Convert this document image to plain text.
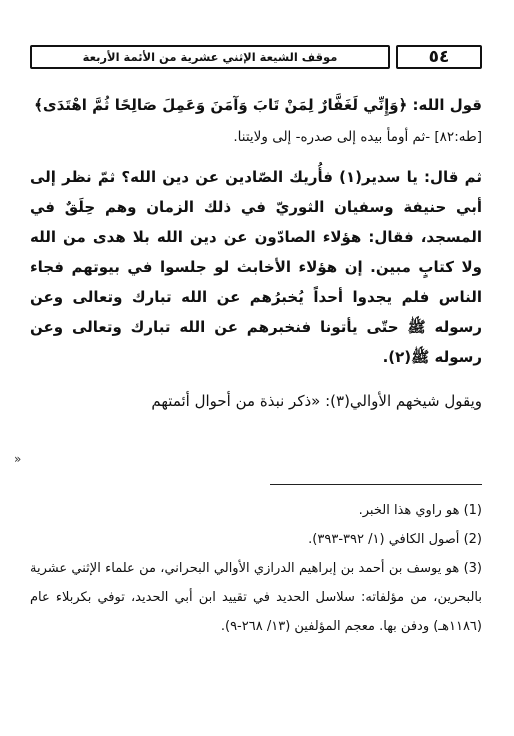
٥٤
موقف الشيعة الإثني عشرية من الأئمة الأربعة

قول الله: ﴿وَإِنِّي لَغَفَّارٌ لِمَنْ تَابَ وَآمَنَ وَعَمِلَ صَالِحًا ثُمَّ اهْتَدَى﴾

[طه:٨٢] -ثم أومأ بيده إلى صدره- إلى ولايتنا.

ثم قال: يا سدير(١) فأُريك الصّادين عن دين الله؟ ثمّ نظر إلى أبي حنيفة وسفيان الثوريّ في ذلك الزمان وهم حِلَقٌ في المسجد، فقال: هؤلاء الصادّون عن دين الله بلا هدى من الله ولا كتابٍ مبين. إن هؤلاء الأخابث لو جلسوا في بيوتهم فجاء الناس فلم يجدوا أحداً يُخبرُهم عن الله تبارك وتعالى وعن رسوله ﷺ حتّى يأتونا فنخبرهم عن الله تبارك وتعالى وعن رسوله ﷺ(٢).

ويقول شيخهم الأوالي(٣): «ذكر نبذة من أحوال أئمتهم

»

(1) هو راوي هذا الخبر.

(2) أصول الكافي (١/ ٣٩٢-٣٩٣).

(3) هو يوسف بن أحمد بن إبراهيم الدرازي الأوالي البحراني، من علماء الإثني عشرية بالبحرين، من مؤلفاته: سلاسل الحديد في تقييد ابن أبي الحديد، توفي بكربلاء عام (١١٨٦هـ) ودفن بها. معجم المؤلفين (١٣/ ٢٦٨-٩).
